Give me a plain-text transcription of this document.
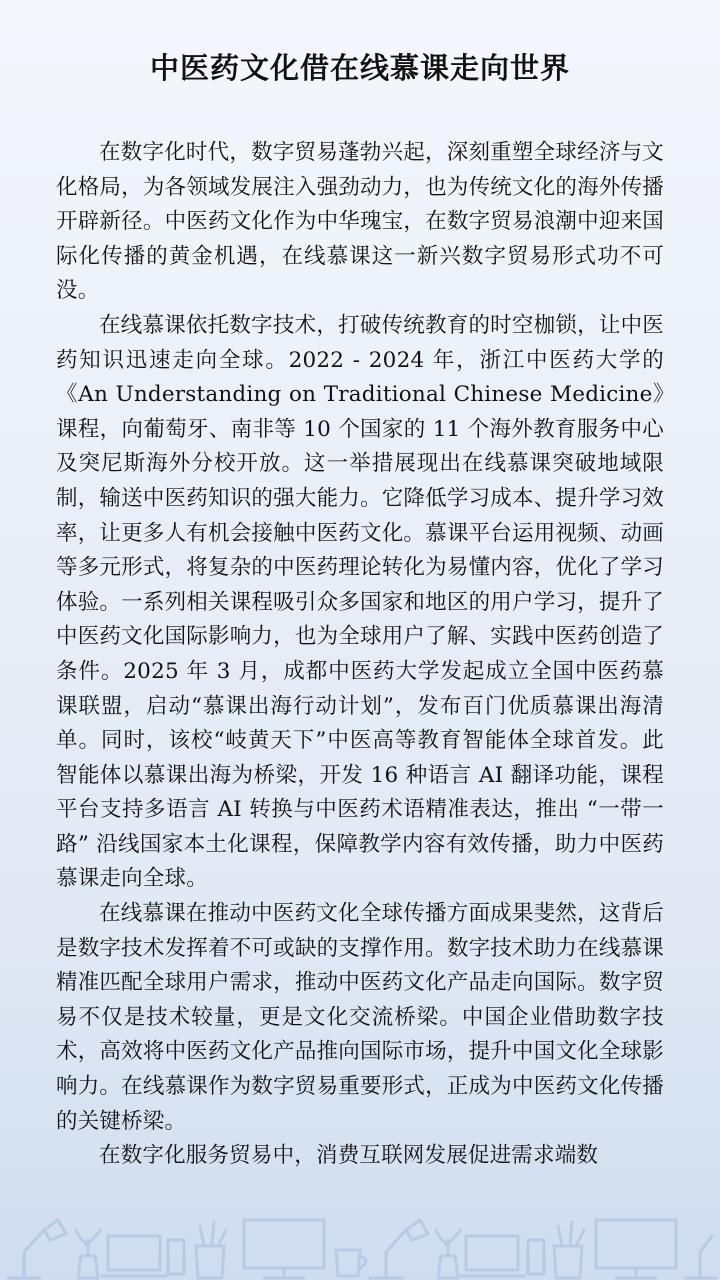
中医药文化借在线慕课走向世界

在数字化时代，数字贸易蓬勃兴起，深刻重塑全球经济与文化格局，为各领域发展注入强劲动力，也为传统文化的海外传播开辟新径。中医药文化作为中华瑰宝，在数字贸易浪潮中迎来国际化传播的黄金机遇，在线慕课这一新兴数字贸易形式功不可没。

在线慕课依托数字技术，打破传统教育的时空枷锁，让中医药知识迅速走向全球。2022 - 2024 年，浙江中医药大学的《An Understanding on Traditional Chinese Medicine》课程，向葡萄牙、南非等 10 个国家的 11 个海外教育服务中心及突尼斯海外分校开放。这一举措展现出在线慕课突破地域限制，输送中医药知识的强大能力。它降低学习成本、提升学习效率，让更多人有机会接触中医药文化。慕课平台运用视频、动画等多元形式，将复杂的中医药理论转化为易懂内容，优化了学习体验。一系列相关课程吸引众多国家和地区的用户学习，提升了中医药文化国际影响力，也为全球用户了解、实践中医药创造了条件。2025 年 3 月，成都中医药大学发起成立全国中医药慕课联盟，启动“慕课出海行动计划”，发布百门优质慕课出海清单。同时，该校“岐黄天下”中医高等教育智能体全球首发。此智能体以慕课出海为桥梁，开发 16 种语言 AI 翻译功能，课程平台支持多语言 AI 转换与中医药术语精准表达，推出 “一带一路” 沿线国家本土化课程，保障教学内容有效传播，助力中医药慕课走向全球。

在线慕课在推动中医药文化全球传播方面成果斐然，这背后是数字技术发挥着不可或缺的支撑作用。数字技术助力在线慕课精准匹配全球用户需求，推动中医药文化产品走向国际。数字贸易不仅是技术较量，更是文化交流桥梁。中国企业借助数字技术，高效将中医药文化产品推向国际市场，提升中国文化全球影响力。在线慕课作为数字贸易重要形式，正成为中医药文化传播的关键桥梁。

在数字化服务贸易中，消费互联网发展促进需求端数
